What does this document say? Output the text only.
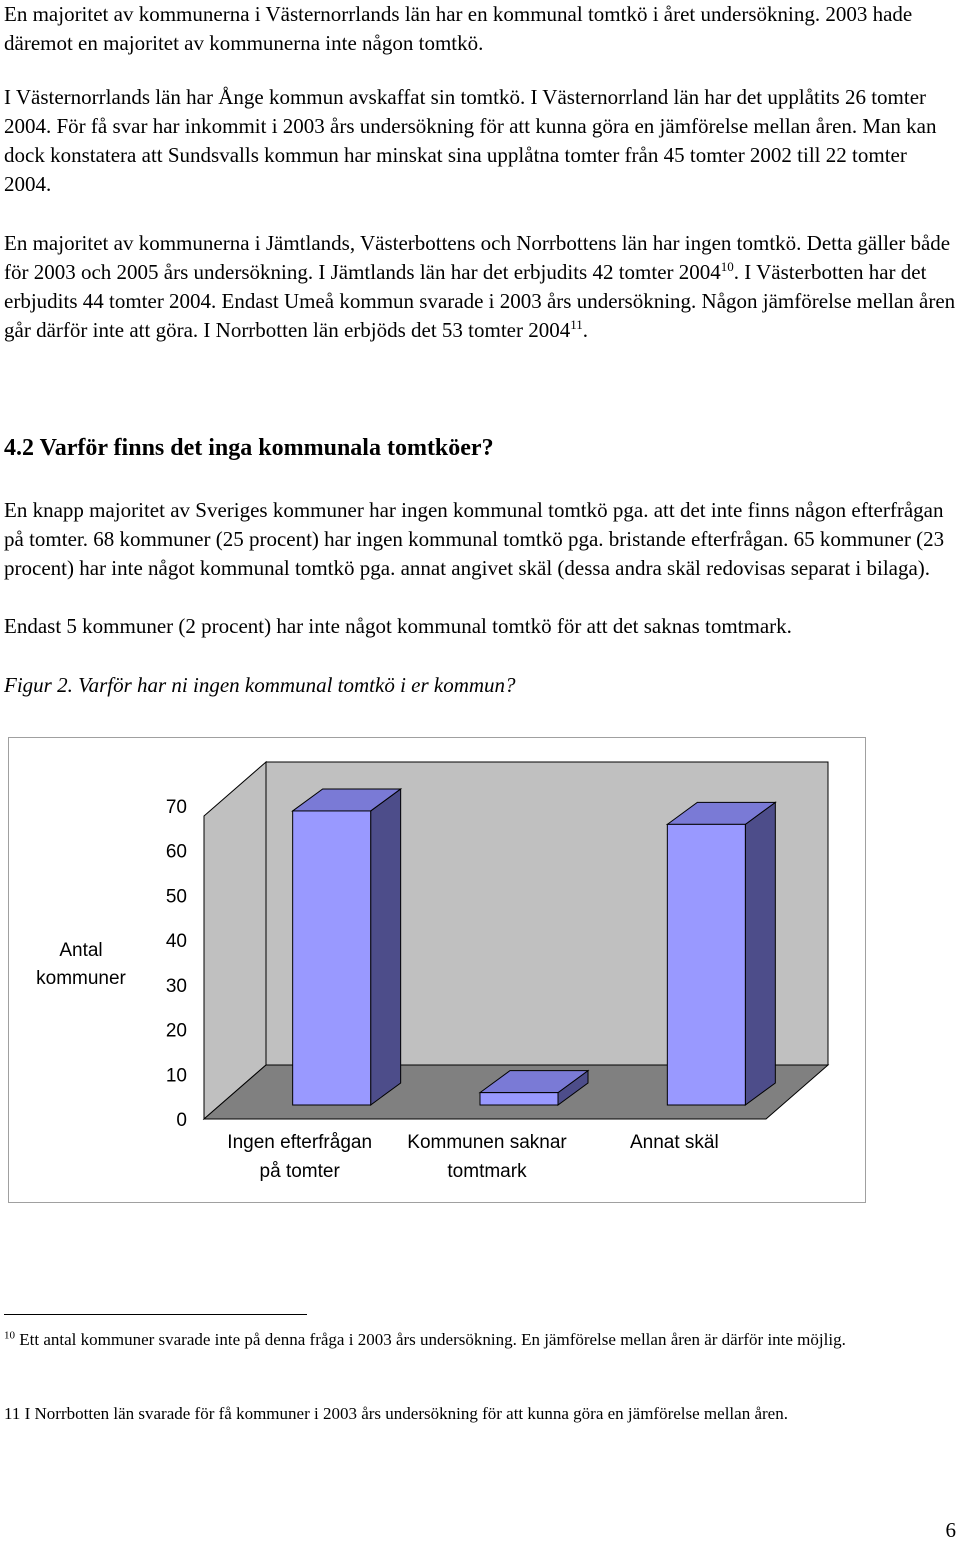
En majoritet av kommunerna i Västernorrlands län har en kommunal tomtkö i året undersökning. 2003 hade däremot en majoritet av kommunerna inte någon tomtkö.

I Västernorrlands län har Ånge kommun avskaffat sin tomtkö. I Västernorrland län har det upplåtits 26 tomter 2004. För få svar har inkommit i 2003 års undersökning för att kunna göra en jämförelse mellan åren. Man kan dock konstatera att Sundsvalls kommun har minskat sina upplåtna tomter från 45 tomter 2002 till 22 tomter 2004.

En majoritet av kommunerna i Jämtlands, Västerbottens och Norrbottens län har ingen tomtkö. Detta gäller både för 2003 och 2005 års undersökning. I Jämtlands län har det erbjudits 42 tomter 2004$^{10}$. I Västerbotten har det erbjudits 44 tomter 2004. Endast Umeå kommun svarade i 2003 års undersökning. Någon jämförelse mellan åren går därför inte att göra. I Norrbotten län erbjöds det 53 tomter 2004$^{11}$.

4.2 Varför finns det inga kommunala tomtköer?

En knapp majoritet av Sveriges kommuner har ingen kommunal tomtkö pga. att det inte finns någon efterfrågan på tomter. 68 kommuner (25 procent) har ingen kommunal tomtkö pga. bristande efterfrågan. 65 kommuner (23 procent) har inte något kommunal tomtkö pga. annat angivet skäl (dessa andra skäl redovisas separat i bilaga).

Endast 5 kommuner (2 procent) har inte något kommunal tomtkö för att det saknas tomtmark.

Figur 2. Varför har ni ingen kommunal tomtkö i er kommun?

0
10
20
30
40
50
60
70
Antal
kommuner
Ingen efterfrågan
på tomter
Kommunen saknar
tomtmark
Annat skäl

$^{10}$ Ett antal kommuner svarade inte på denna fråga i 2003 års undersökning. En jämförelse mellan åren är därför inte möjlig.

11 I Norrbotten län svarade för få kommuner i 2003 års undersökning för att kunna göra en jämförelse mellan åren.

6
